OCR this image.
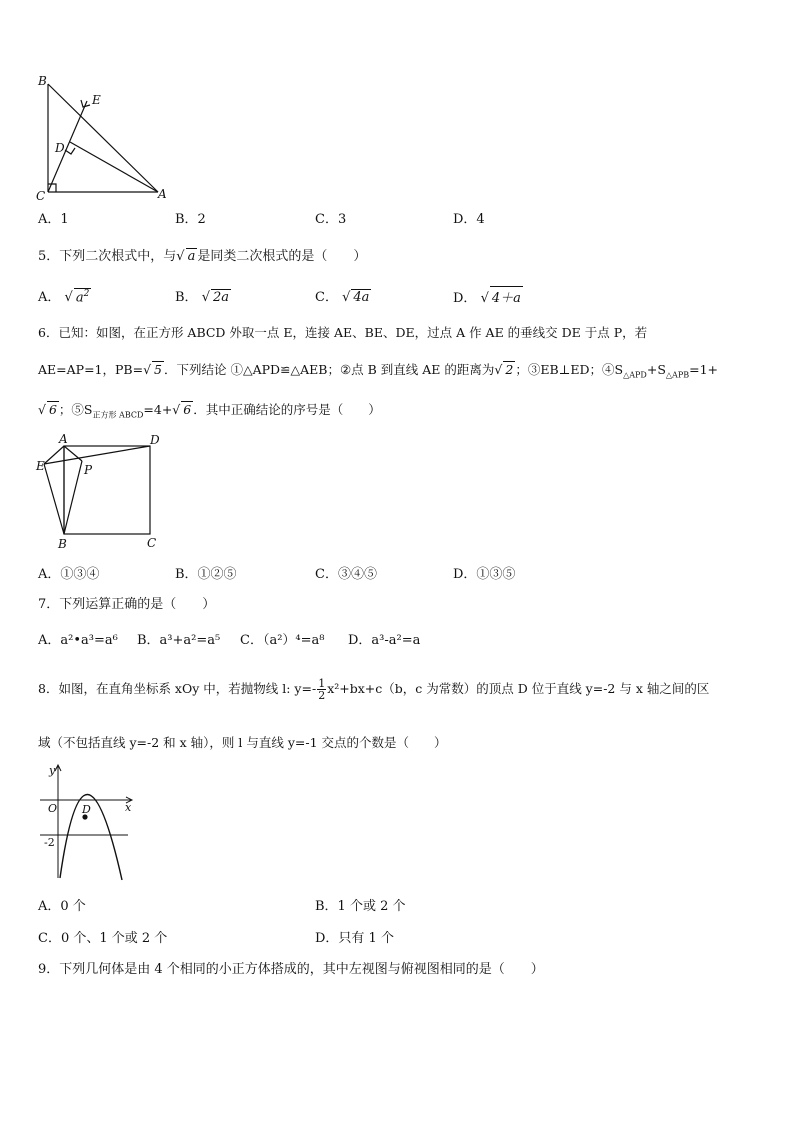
B
E
D
C	A
A．1	B．2	C．3	D．4
5．下列二次根式中，与√ a 是同类二次根式的是（　　）
A． √ $a^2$	B． √ 2a	C． √ 4a	D． √ 4＋a
6．已知：如图，在正方形 ABCD 外取一点 E，连接 AE、BE、DE，过点 A 作 AE 的垂线交 DE 于点 P，若
AE=AP=1，PB=√ 5 ．下列结论 ①△APD≌△AEB；②点 B 到直线 AE 的距离为√ 2 ；③EB⊥ED；$④S_{\triangle APD}+S_{\triangle APB}=1+$
√ 6 ；$⑤S_{正方形 ABCD}=4+√$ 6 ．其中正确结论的序号是（　　）
A	D
E	P
B	C
A．①③④	B．①②⑤	C．③④⑤	D．①③⑤
7．下列运算正确的是（　　）
A．a²•a³=a⁶ B．a³+a²=a⁵ C．（a²）⁴=a⁸ D．a³-a²=a
8．如图，在直角坐标系 xOy 中，若抛物线 l: $y=- \frac{1}{2} x^2+bx+c(b$，c 为常数）的顶点 D 位于直线 y=-2 与 x 轴之间的区
域（不包括直线 y=-2 和 x 轴），则 l 与直线 y=-1 交点的个数是（　　）
y
O D	x
-2
A．0 个	B．1 个或 2 个
C．0 个、1 个或 2 个	D．只有 1 个
9．下列几何体是由 4 个相同的小正方体搭成的，其中左视图与俯视图相同的是（　　）
